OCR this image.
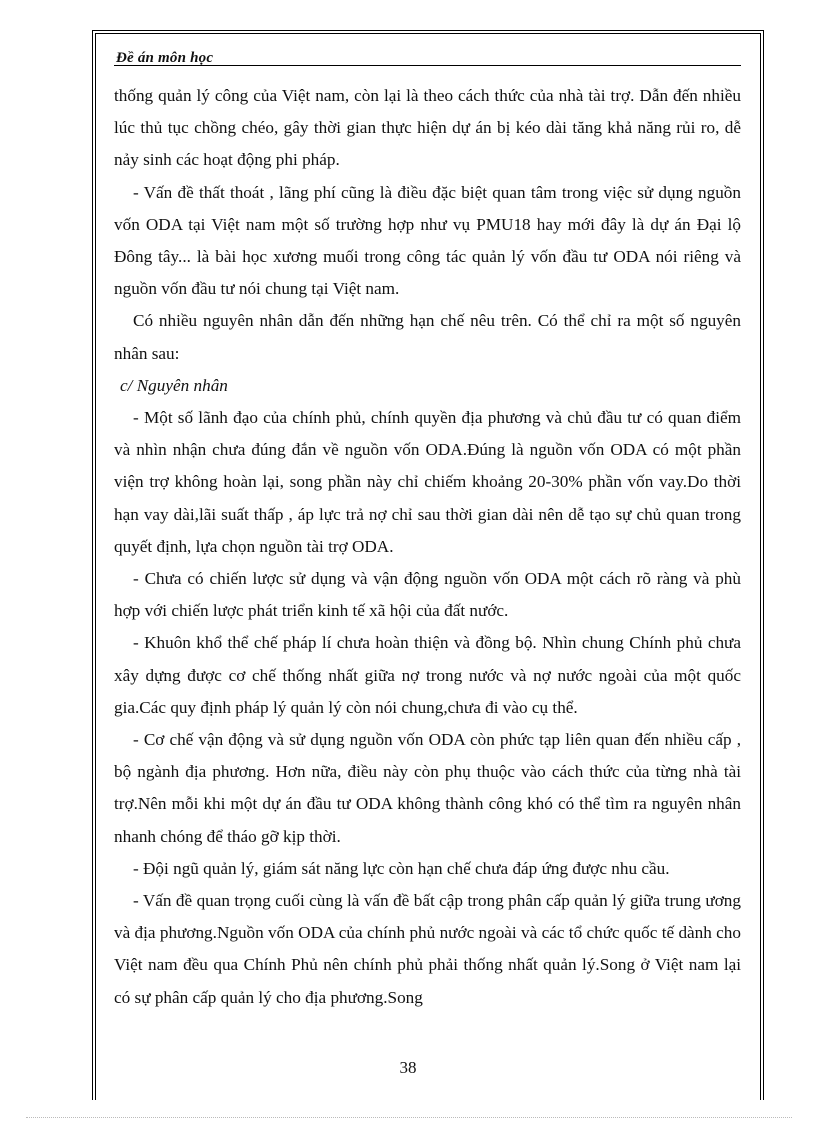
Đề án môn học

thống quản lý công của Việt nam, còn lại là theo cách thức của nhà tài trợ. Dẫn đến nhiều lúc thủ tục chồng chéo, gây thời gian thực hiện dự án bị kéo dài tăng khả năng rủi ro, dễ nảy sinh các hoạt động phi pháp.

- Vấn đề thất thoát , lãng phí cũng là điều đặc biệt quan tâm trong việc sử dụng nguồn vốn ODA tại Việt nam một số trường hợp như vụ PMU18 hay mới đây là dự án Đại lộ Đông tây... là bài học xương muối trong công tác quản lý vốn đầu tư ODA nói riêng và nguồn vốn đầu tư nói chung tại Việt nam.

Có nhiều nguyên nhân dẫn đến những hạn chế nêu trên. Có thể chỉ ra một số nguyên nhân sau:

c/ Nguyên nhân

- Một số lãnh đạo của chính phủ, chính quyền địa phương và chủ đầu tư có quan điểm và nhìn nhận chưa đúng đắn về nguồn vốn ODA.Đúng là nguồn vốn ODA có một phần viện trợ không hoàn lại, song phần này chỉ chiếm khoảng 20-30% phần vốn vay.Do thời hạn vay dài,lãi suất thấp , áp lực trả nợ chỉ sau thời gian dài nên dễ tạo sự chủ quan trong quyết định, lựa chọn nguồn tài trợ ODA.

- Chưa có chiến lược sử dụng và vận động nguồn vốn ODA một cách rõ ràng và phù hợp với chiến lược phát triển kinh tế xã hội của đất nước.

- Khuôn khổ thể chế pháp lí chưa hoàn thiện và đồng bộ. Nhìn chung Chính phủ chưa xây dựng được cơ chế thống nhất giữa nợ trong nước và nợ nước ngoài của một quốc gia.Các quy định pháp lý quản lý còn nói chung,chưa đi vào cụ thể.

- Cơ chế vận động và sử dụng nguồn vốn ODA còn phức tạp liên quan đến nhiều cấp , bộ ngành địa phương. Hơn nữa, điều này còn phụ thuộc vào cách thức của từng nhà tài trợ.Nên mỗi khi một dự án đầu tư ODA không thành công khó có thể tìm ra nguyên nhân nhanh chóng để tháo gỡ kịp thời.

- Đội ngũ quản lý, giám sát năng lực còn hạn chế chưa đáp ứng được nhu cầu.

- Vấn đề quan trọng cuối cùng là vấn đề bất cập trong phân cấp quản lý giữa trung ương và địa phương.Nguồn vốn ODA của chính phủ nước ngoài và các tổ chức quốc tế dành cho Việt nam đều qua Chính Phủ nên chính phủ phải thống nhất quản lý.Song ở Việt nam lại có sự phân cấp quản lý cho địa phương.Song

38
